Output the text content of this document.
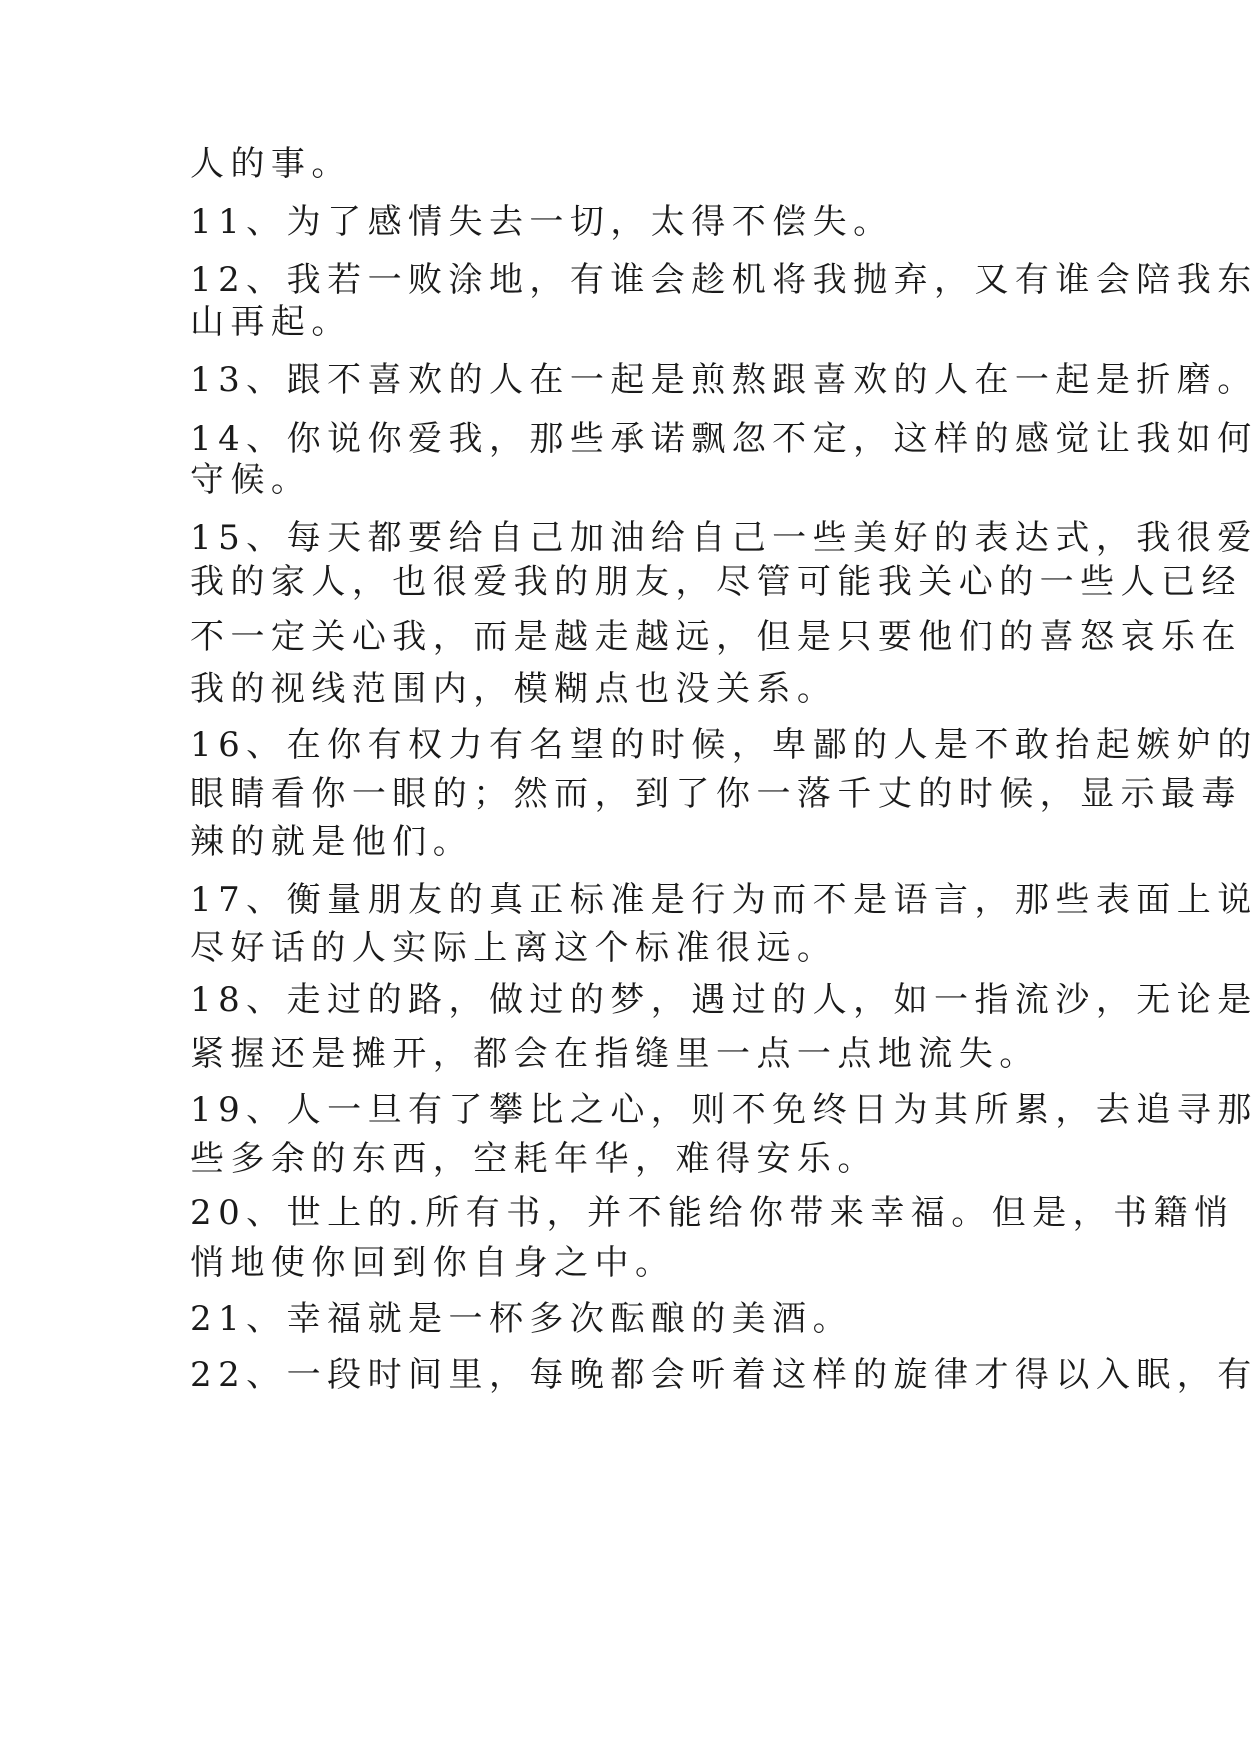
人的事。
11、为了感情失去一切，太得不偿失。
12、我若一败涂地，有谁会趁机将我抛弃，又有谁会陪我东
山再起。
13、跟不喜欢的人在一起是煎熬跟喜欢的人在一起是折磨。
14、你说你爱我，那些承诺飘忽不定，这样的感觉让我如何
守候。
15、每天都要给自己加油给自己一些美好的表达式，我很爱
我的家人，也很爱我的朋友，尽管可能我关心的一些人已经
不一定关心我，而是越走越远，但是只要他们的喜怒哀乐在
我的视线范围内，模糊点也没关系。
16、在你有权力有名望的时候，卑鄙的人是不敢抬起嫉妒的
眼睛看你一眼的；然而，到了你一落千丈的时候，显示最毒
辣的就是他们。
17、衡量朋友的真正标准是行为而不是语言，那些表面上说
尽好话的人实际上离这个标准很远。
18、走过的路，做过的梦，遇过的人，如一指流沙，无论是
紧握还是摊开，都会在指缝里一点一点地流失。
19、人一旦有了攀比之心，则不免终日为其所累，去追寻那
些多余的东西，空耗年华，难得安乐。
20、世上的.所有书，并不能给你带来幸福。但是，书籍悄
悄地使你回到你自身之中。
21、幸福就是一杯多次酝酿的美酒。
22、一段时间里，每晚都会听着这样的旋律才得以入眠，有
